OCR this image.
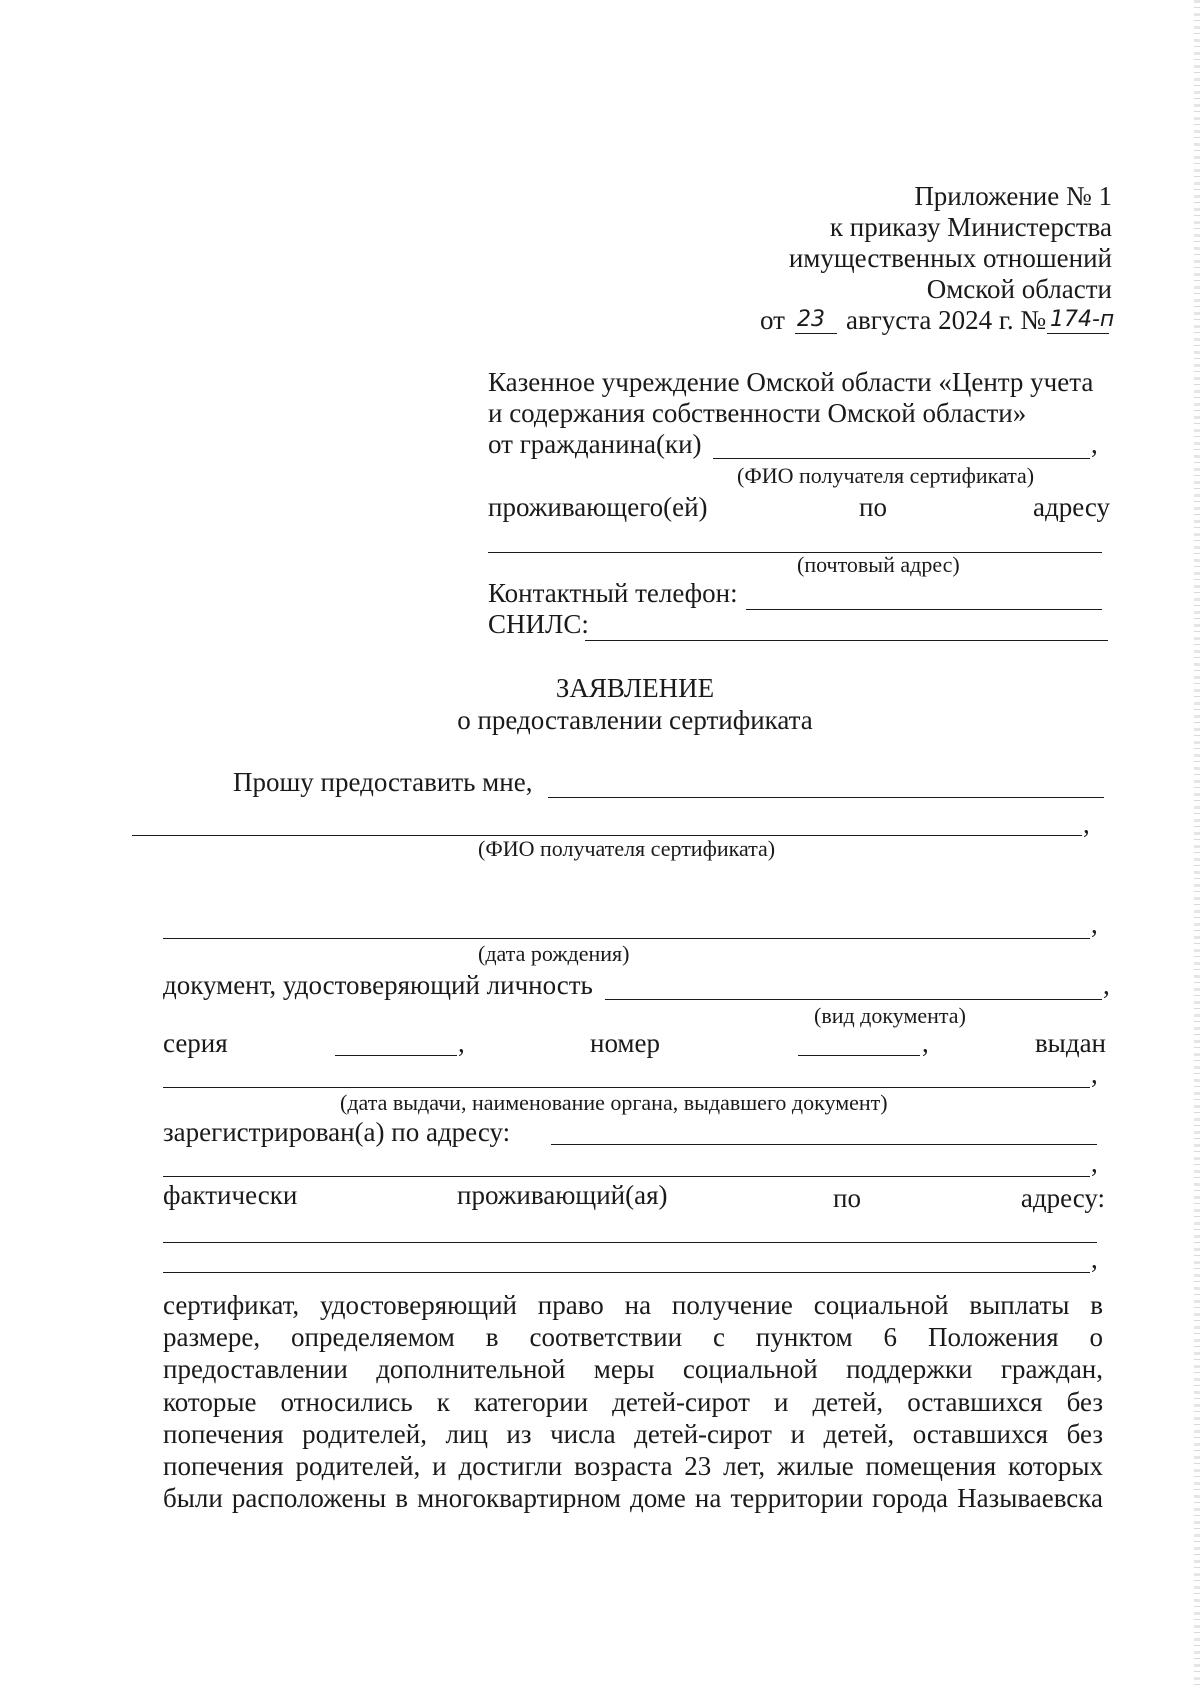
Приложение № 1
к приказу Министерства
имущественных отношений
Омской области
от 23 августа 2024 г. № 174-п
Казенное учреждение Омской области «Центр учета
и содержания собственности Омской области»
от гражданина(ки)	,
(ФИО получателя сертификата)
проживающего(ей)	по	адресу
(почтовый адрес)
Контактный телефон:
СНИЛС:
ЗАЯВЛЕНИЕ
о предоставлении сертификата
Прошу предоставить мне,
,
(ФИО получателя сертификата)
,
(дата рождения)
документ, удостоверяющий личность	,
(вид документа)
серия	,	номер	,	выдан
,
(дата выдачи, наименование органа, выдавшего документ)
зарегистрирован(а) по адресу:
,
фактически	проживающий(ая)	по	адресу:
,
сертификат, удостоверяющий право на получение социальной выплаты в
размере, определяемом в соответствии с пунктом 6 Положения о
предоставлении дополнительной меры социальной поддержки граждан,
которые относились к категории детей-сирот и детей, оставшихся без
попечения родителей, лиц из числа детей-сирот и детей, оставшихся без
попечения родителей, и достигли возраста 23 лет, жилые помещения которых
были расположены в многоквартирном доме на территории города Называевска
